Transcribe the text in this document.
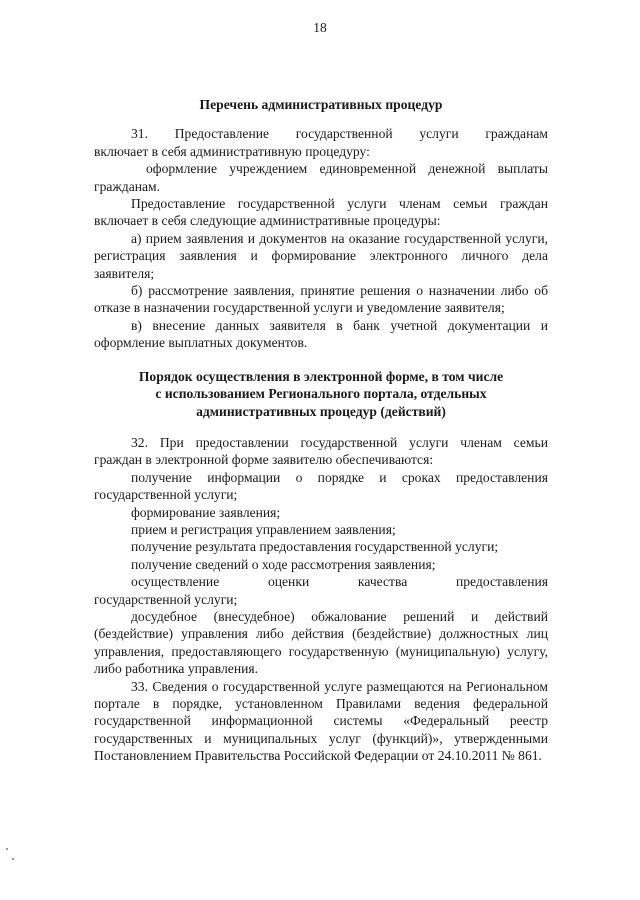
18

Перечень административных процедур

31.    Предоставление    государственной    услуги    гражданам включает в себя административную процедуру:

оформление учреждением единовременной денежной выплаты гражданам.

Предоставление государственной услуги членам семьи граждан включает в себя следующие административные процедуры:

а) прием заявления и документов на оказание государственной услуги, регистрация заявления и формирование электронного личного дела заявителя;

б) рассмотрение заявления, принятие решения о назначении либо об отказе в назначении государственной услуги и уведомление заявителя;

в) внесение данных заявителя в банк учетной документации и оформление выплатных документов.

Порядок осуществления в электронной форме, в том числе
с использованием Регионального портала, отдельных
административных процедур (действий)

32. При предоставлении государственной услуги членам семьи граждан в электронной форме заявителю обеспечиваются:

получение информации о порядке и сроках предоставления государственной услуги;

формирование заявления;

прием и регистрация управлением заявления;

получение результата предоставления государственной услуги;

получение сведений о ходе рассмотрения заявления;

осуществление        оценки        качества        предоставления государственной услуги;

досудебное (внесудебное) обжалование решений и действий (бездействие) управления либо действия (бездействие) должностных лиц управления, предоставляющего государственную (муниципальную) услугу, либо работника управления.

33. Сведения о государственной услуге размещаются на Региональном портале в порядке, установленном Правилами ведения федеральной государственной информационной системы «Федеральный реестр государственных и муниципальных услуг (функций)», утвержденными Постановлением Правительства Российской Федерации от 24.10.2011 № 861.
